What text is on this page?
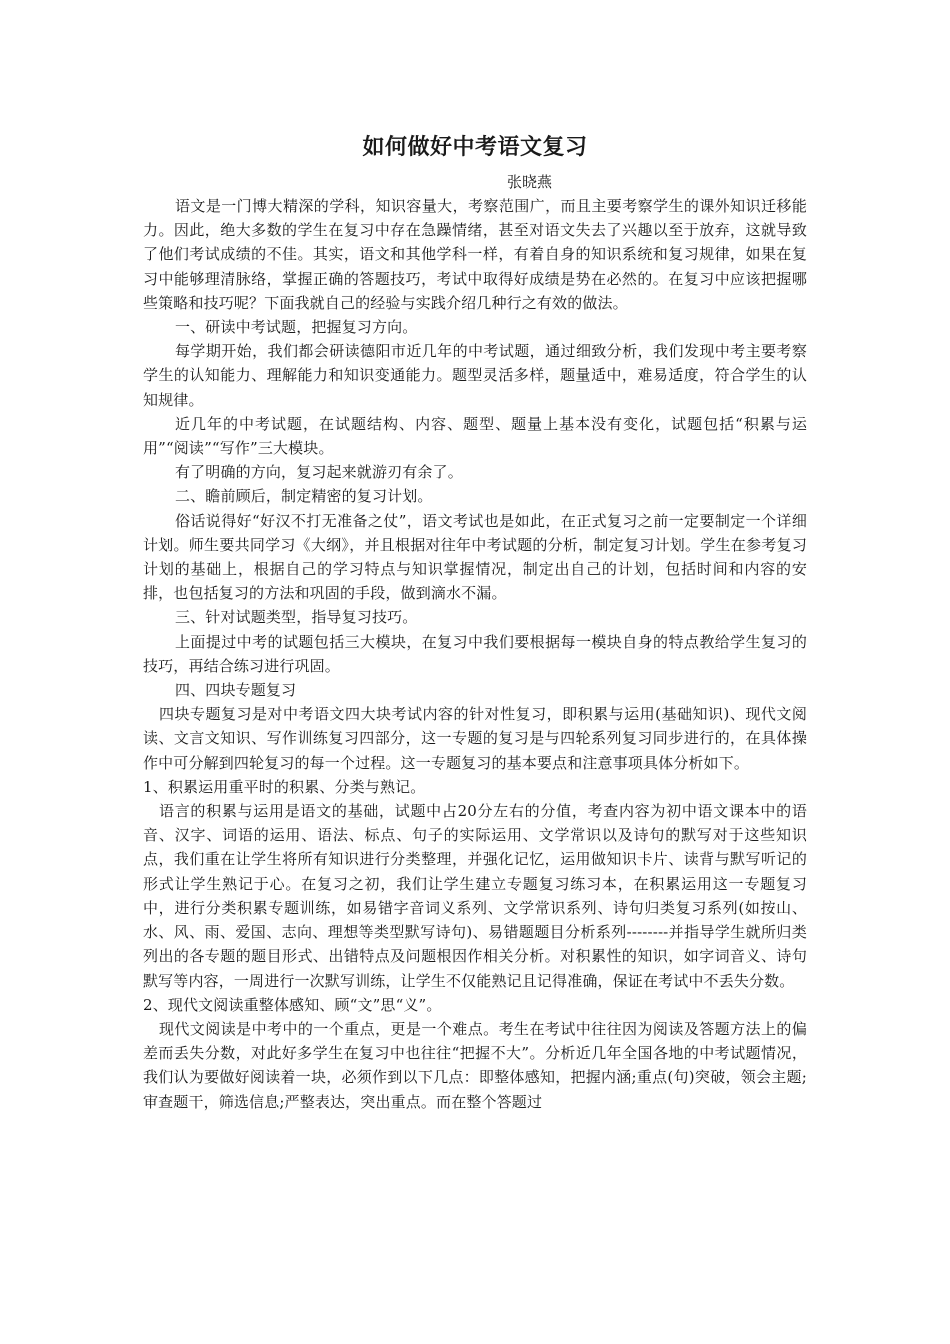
如何做好中考语文复习
张晓燕

语文是一门博大精深的学科，知识容量大，考察范围广，而且主要考察学生的课外知识迁移能力。因此，绝大多数的学生在复习中存在急躁情绪，甚至对语文失去了兴趣以至于放弃，这就导致了他们考试成绩的不佳。其实，语文和其他学科一样，有着自身的知识系统和复习规律，如果在复习中能够理清脉络，掌握正确的答题技巧，考试中取得好成绩是势在必然的。在复习中应该把握哪些策略和技巧呢？下面我就自己的经验与实践介绍几种行之有效的做法。

一、研读中考试题，把握复习方向。

每学期开始，我们都会研读德阳市近几年的中考试题，通过细致分析，我们发现中考主要考察学生的认知能力、理解能力和知识变通能力。题型灵活多样，题量适中，难易适度，符合学生的认知规律。

近几年的中考试题，在试题结构、内容、题型、题量上基本没有变化，试题包括“积累与运用”“阅读”“写作”三大模块。

有了明确的方向，复习起来就游刃有余了。

二、瞻前顾后，制定精密的复习计划。

俗话说得好“好汉不打无准备之仗”，语文考试也是如此，在正式复习之前一定要制定一个详细计划。师生要共同学习《大纲》，并且根据对往年中考试题的分析，制定复习计划。学生在参考复习计划的基础上，根据自己的学习特点与知识掌握情况，制定出自己的计划，包括时间和内容的安排，也包括复习的方法和巩固的手段，做到滴水不漏。

三、针对试题类型，指导复习技巧。

上面提过中考的试题包括三大模块，在复习中我们要根据每一模块自身的特点教给学生复习的技巧，再结合练习进行巩固。

四、四块专题复习

四块专题复习是对中考语文四大块考试内容的针对性复习，即积累与运用(基础知识)、现代文阅读、文言文知识、写作训练复习四部分，这一专题的复习是与四轮系列复习同步进行的，在具体操作中可分解到四轮复习的每一个过程。这一专题复习的基本要点和注意事项具体分析如下。

1、积累运用重平时的积累、分类与熟记。

语言的积累与运用是语文的基础，试题中占20分左右的分值，考查内容为初中语文课本中的语音、汉字、词语的运用、语法、标点、句子的实际运用、文学常识以及诗句的默写对于这些知识点，我们重在让学生将所有知识进行分类整理，并强化记忆，运用做知识卡片、读背与默写听记的形式让学生熟记于心。在复习之初，我们让学生建立专题复习练习本，在积累运用这一专题复习中，进行分类积累专题训练，如易错字音词义系列、文学常识系列、诗句归类复习系列(如按山、水、风、雨、爱国、志向、理想等类型默写诗句)、易错题题目分析系列--------并指导学生就所归类列出的各专题的题目形式、出错特点及问题根因作相关分析。对积累性的知识，如字词音义、诗句默写等内容，一周进行一次默写训练，让学生不仅能熟记且记得准确，保证在考试中不丢失分数。

2、现代文阅读重整体感知、顾“文”思“义”。

现代文阅读是中考中的一个重点，更是一个难点。考生在考试中往往因为阅读及答题方法上的偏差而丢失分数，对此好多学生在复习中也往往“把握不大”。分析近几年全国各地的中考试题情况，我们认为要做好阅读着一块，必须作到以下几点：即整体感知，把握内涵;重点(句)突破，领会主题;审查题干，筛选信息;严整表达，突出重点。而在整个答题过
